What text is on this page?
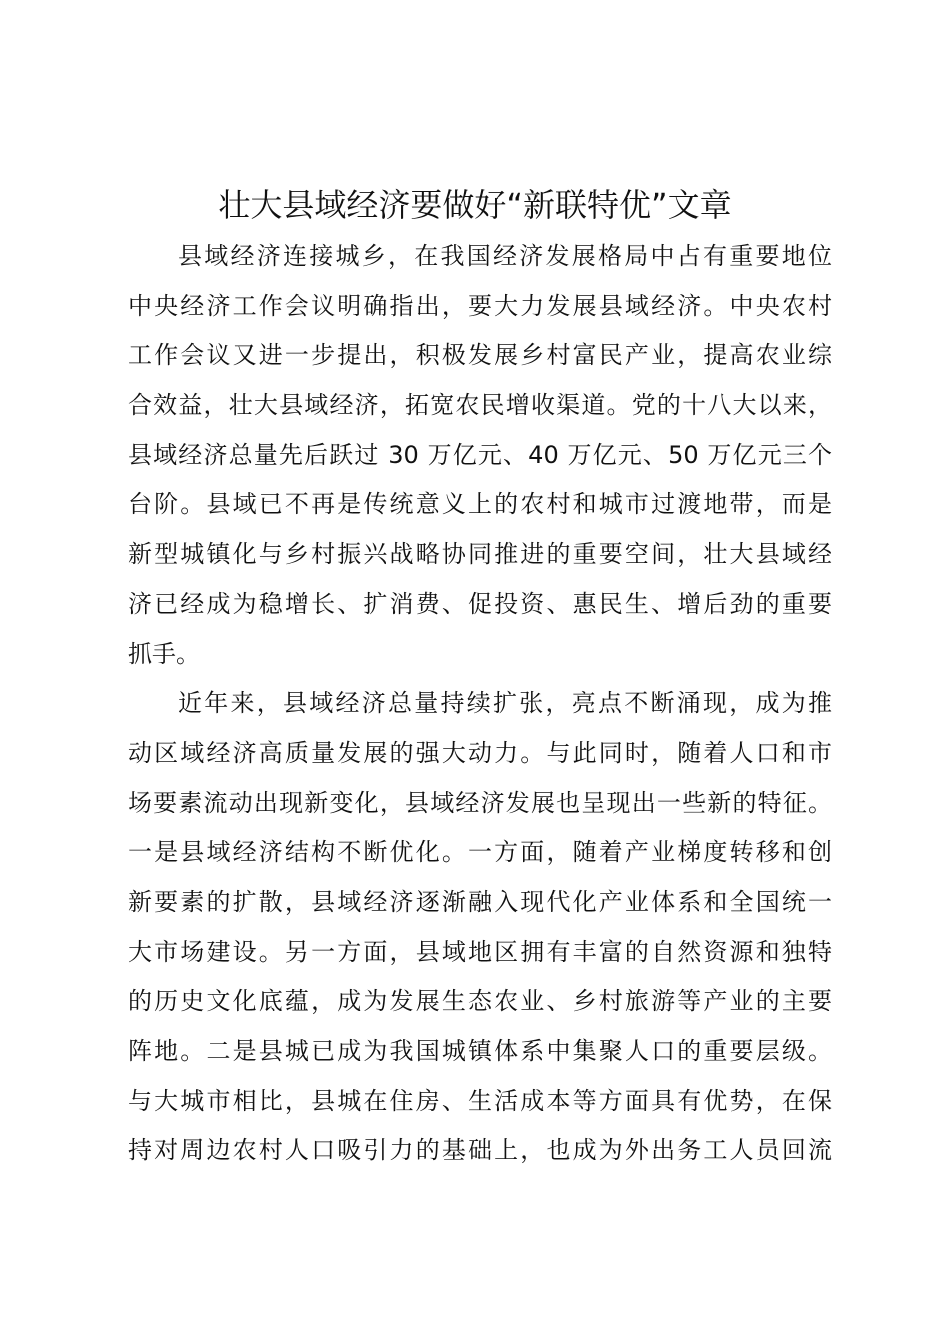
壮大县域经济要做好“新联特优”文章
县域经济连接城乡，在我国经济发展格局中占有重要地位
中央经济工作会议明确指出，要大力发展县域经济。中央农村
工作会议又进一步提出，积极发展乡村富民产业，提高农业综
合效益，壮大县域经济，拓宽农民增收渠道。党的十八大以来，
县域经济总量先后跃过 30 万亿元、40 万亿元、50 万亿元三个
台阶。县域已不再是传统意义上的农村和城市过渡地带，而是
新型城镇化与乡村振兴战略协同推进的重要空间，壮大县域经
济已经成为稳增长、扩消费、促投资、惠民生、增后劲的重要
抓手。
近年来，县域经济总量持续扩张，亮点不断涌现，成为推
动区域经济高质量发展的强大动力。与此同时，随着人口和市
场要素流动出现新变化，县域经济发展也呈现出一些新的特征。
一是县域经济结构不断优化。一方面，随着产业梯度转移和创
新要素的扩散，县域经济逐渐融入现代化产业体系和全国统一
大市场建设。另一方面，县域地区拥有丰富的自然资源和独特
的历史文化底蕴，成为发展生态农业、乡村旅游等产业的主要
阵地。二是县城已成为我国城镇体系中集聚人口的重要层级。
与大城市相比，县城在住房、生活成本等方面具有优势，在保
持对周边农村人口吸引力的基础上，也成为外出务工人员回流
